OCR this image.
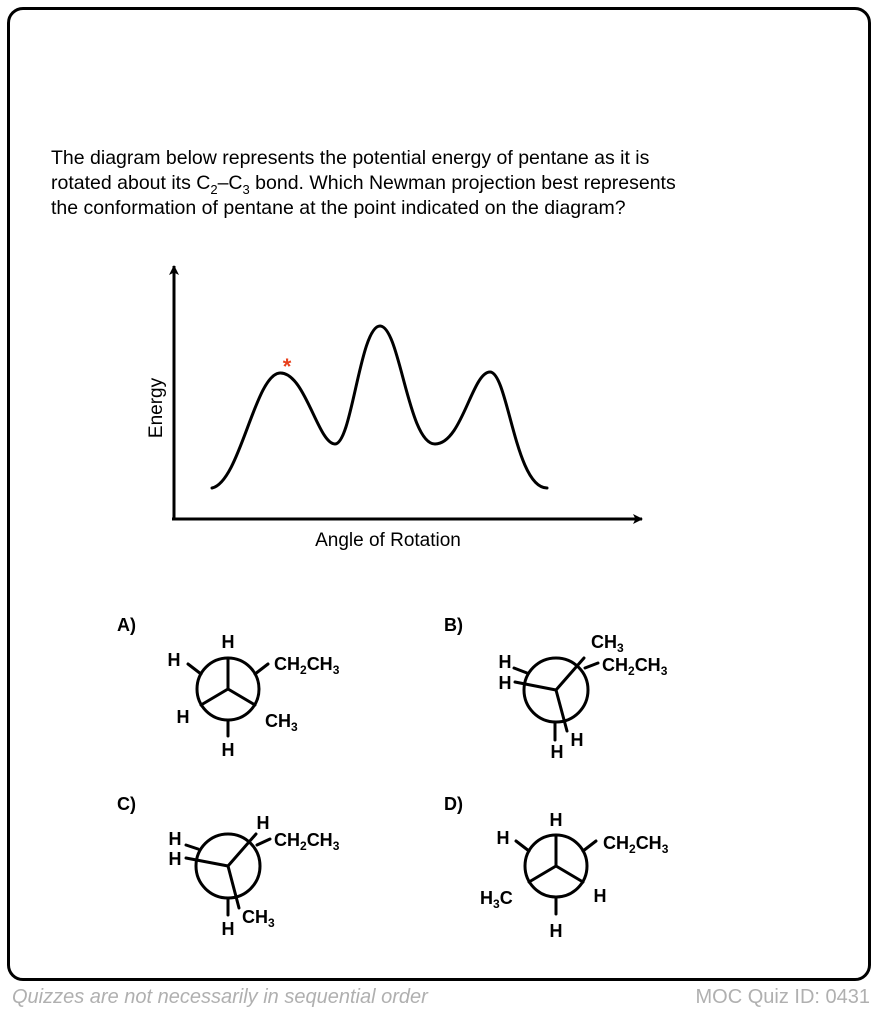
The diagram below represents the potential energy of pentane as it is
rotated about its $C_2-C_3$ bond. Which Newman projection best represents
the conformation of pentane at the point indicated on the diagram?
*
Energy
Angle of Rotation
A)
H
H	$CH_2CH_3$
H	$CH_3$
H
B)
$CH_3$
$CH_2CH_3$
H
H
H
H
C)
H
$CH_2CH_3$
H
H
H
$CH_3$
D)
H
H	$CH_2CH_3$
$H_3C$	H
H
Quizzes are not necessarily in sequential order	MOC Quiz ID: 0431
